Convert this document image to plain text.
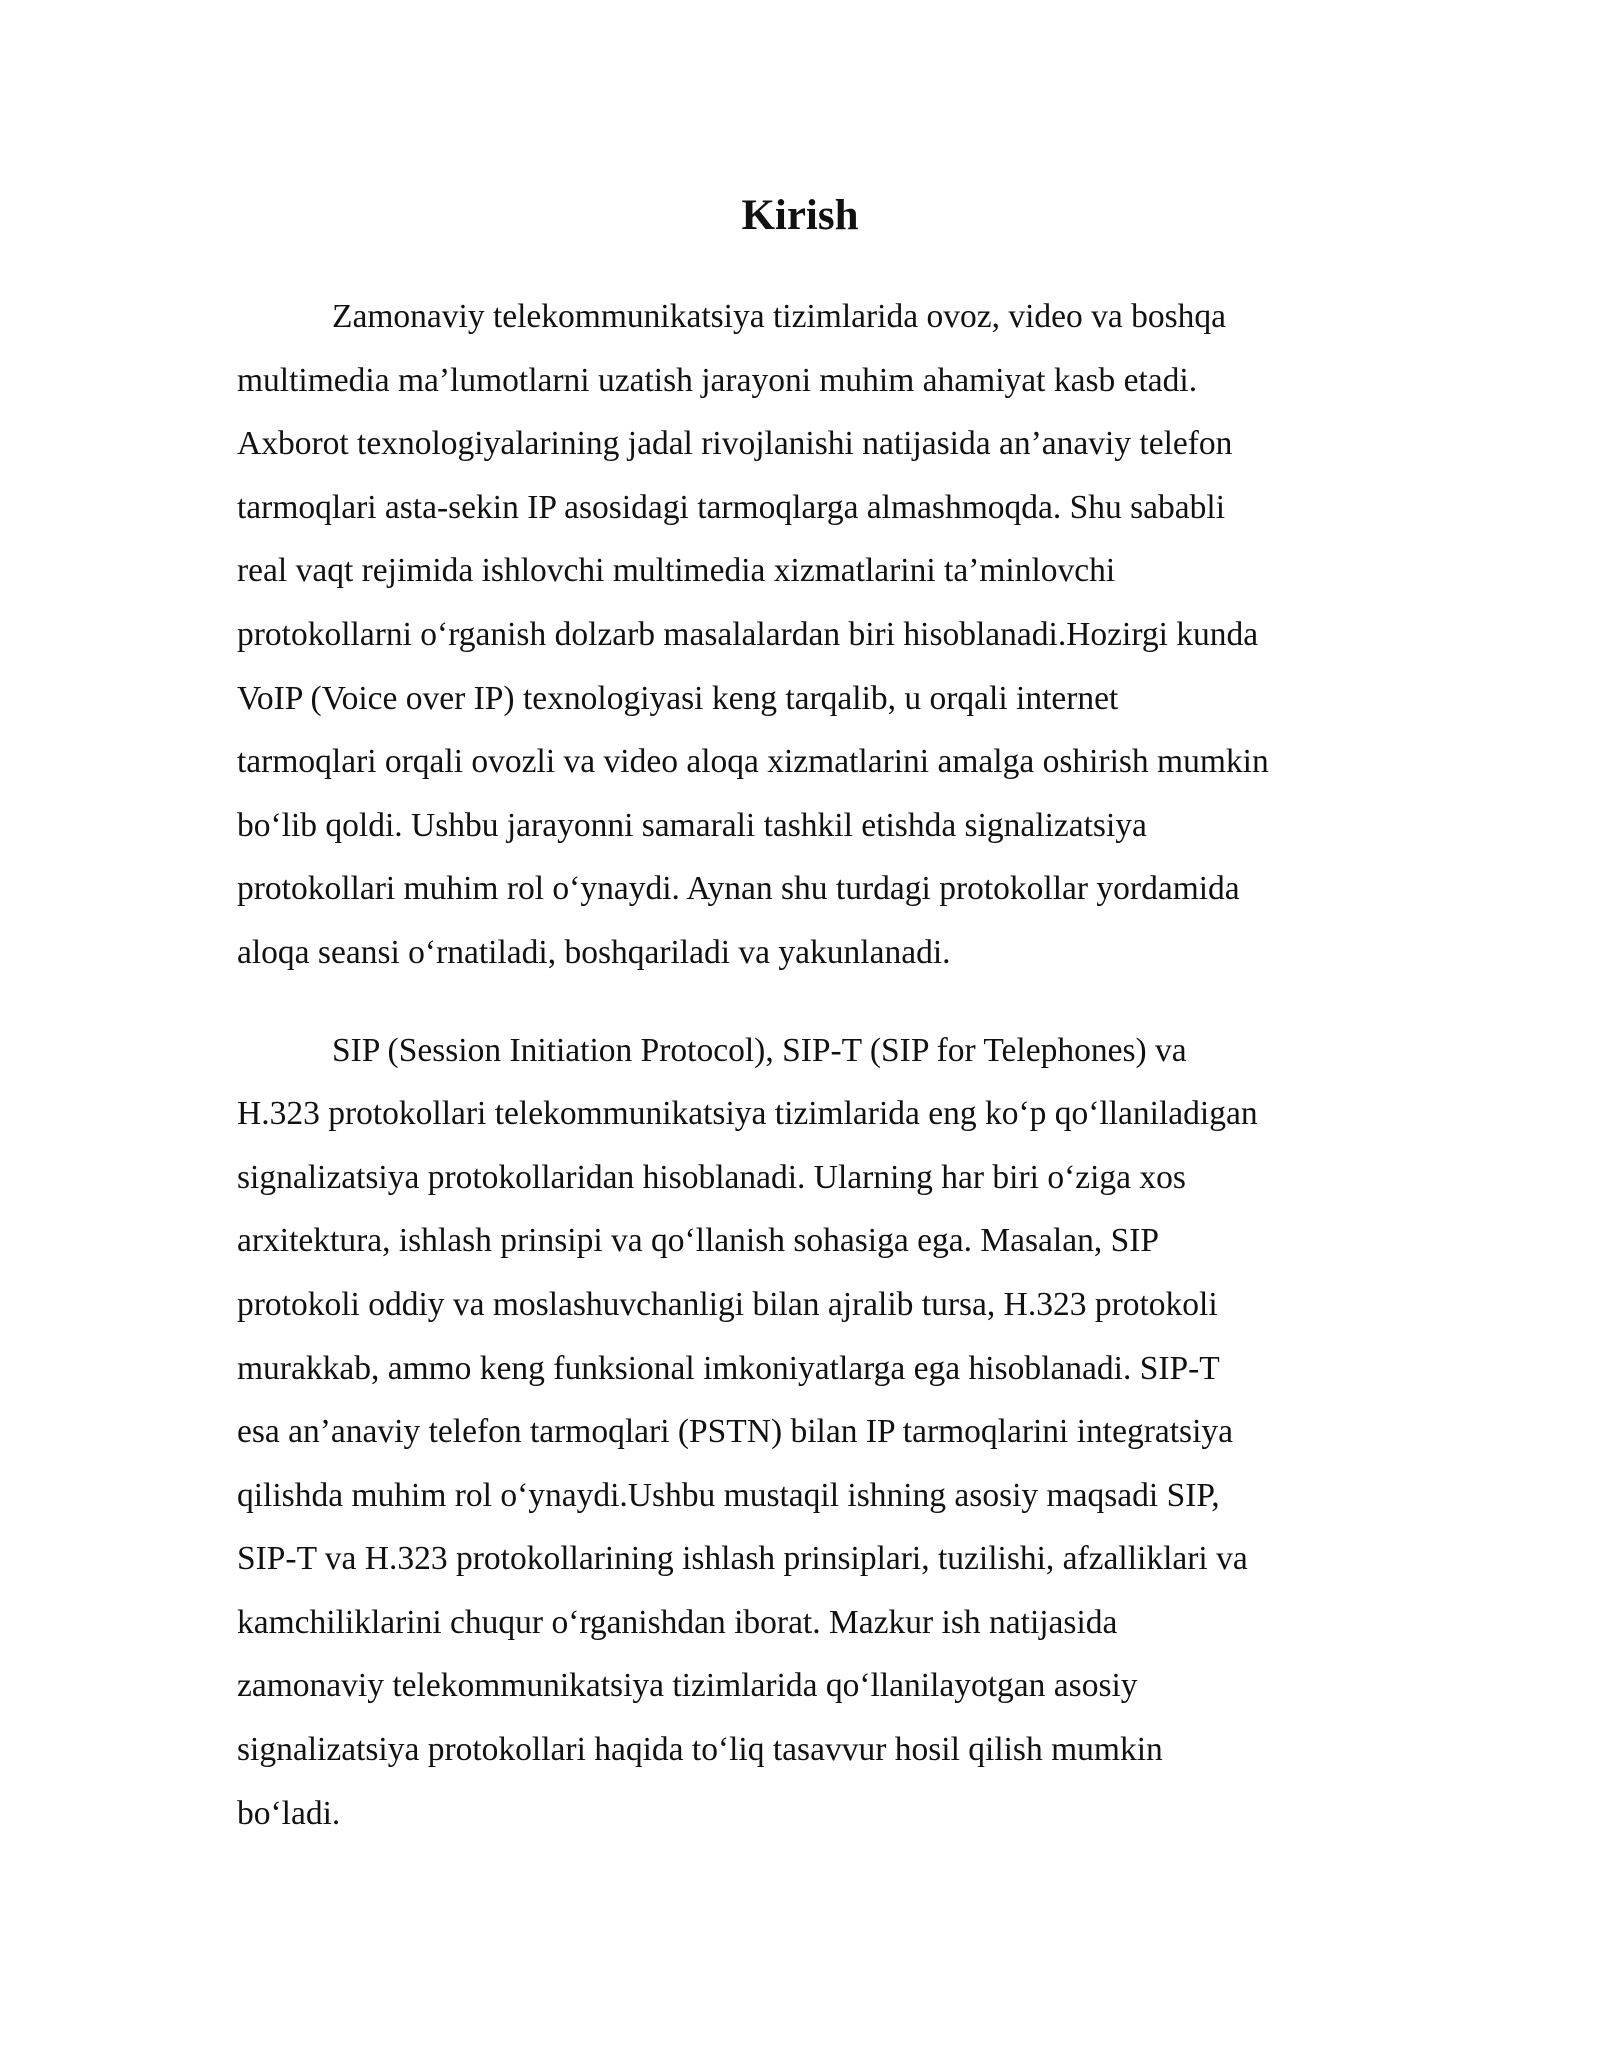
Kirish

Zamonaviy telekommunikatsiya tizimlarida ovoz, video va boshqa
multimedia ma’lumotlarni uzatish jarayoni muhim ahamiyat kasb etadi.
Axborot texnologiyalarining jadal rivojlanishi natijasida an’anaviy telefon
tarmoqlari asta-sekin IP asosidagi tarmoqlarga almashmoqda. Shu sababli
real vaqt rejimida ishlovchi multimedia xizmatlarini ta’minlovchi
protokollarni o‘rganish dolzarb masalalardan biri hisoblanadi.Hozirgi kunda
VoIP (Voice over IP) texnologiyasi keng tarqalib, u orqali internet
tarmoqlari orqali ovozli va video aloqa xizmatlarini amalga oshirish mumkin
bo‘lib qoldi. Ushbu jarayonni samarali tashkil etishda signalizatsiya
protokollari muhim rol o‘ynaydi. Aynan shu turdagi protokollar yordamida
aloqa seansi o‘rnatiladi, boshqariladi va yakunlanadi.

SIP (Session Initiation Protocol), SIP-T (SIP for Telephones) va
H.323 protokollari telekommunikatsiya tizimlarida eng ko‘p qo‘llaniladigan
signalizatsiya protokollaridan hisoblanadi. Ularning har biri o‘ziga xos
arxitektura, ishlash prinsipi va qo‘llanish sohasiga ega. Masalan, SIP
protokoli oddiy va moslashuvchanligi bilan ajralib tursa, H.323 protokoli
murakkab, ammo keng funksional imkoniyatlarga ega hisoblanadi. SIP-T
esa an’anaviy telefon tarmoqlari (PSTN) bilan IP tarmoqlarini integratsiya
qilishda muhim rol o‘ynaydi.Ushbu mustaqil ishning asosiy maqsadi SIP,
SIP-T va H.323 protokollarining ishlash prinsiplari, tuzilishi, afzalliklari va
kamchiliklarini chuqur o‘rganishdan iborat. Mazkur ish natijasida
zamonaviy telekommunikatsiya tizimlarida qo‘llanilayotgan asosiy
signalizatsiya protokollari haqida to‘liq tasavvur hosil qilish mumkin
bo‘ladi.
